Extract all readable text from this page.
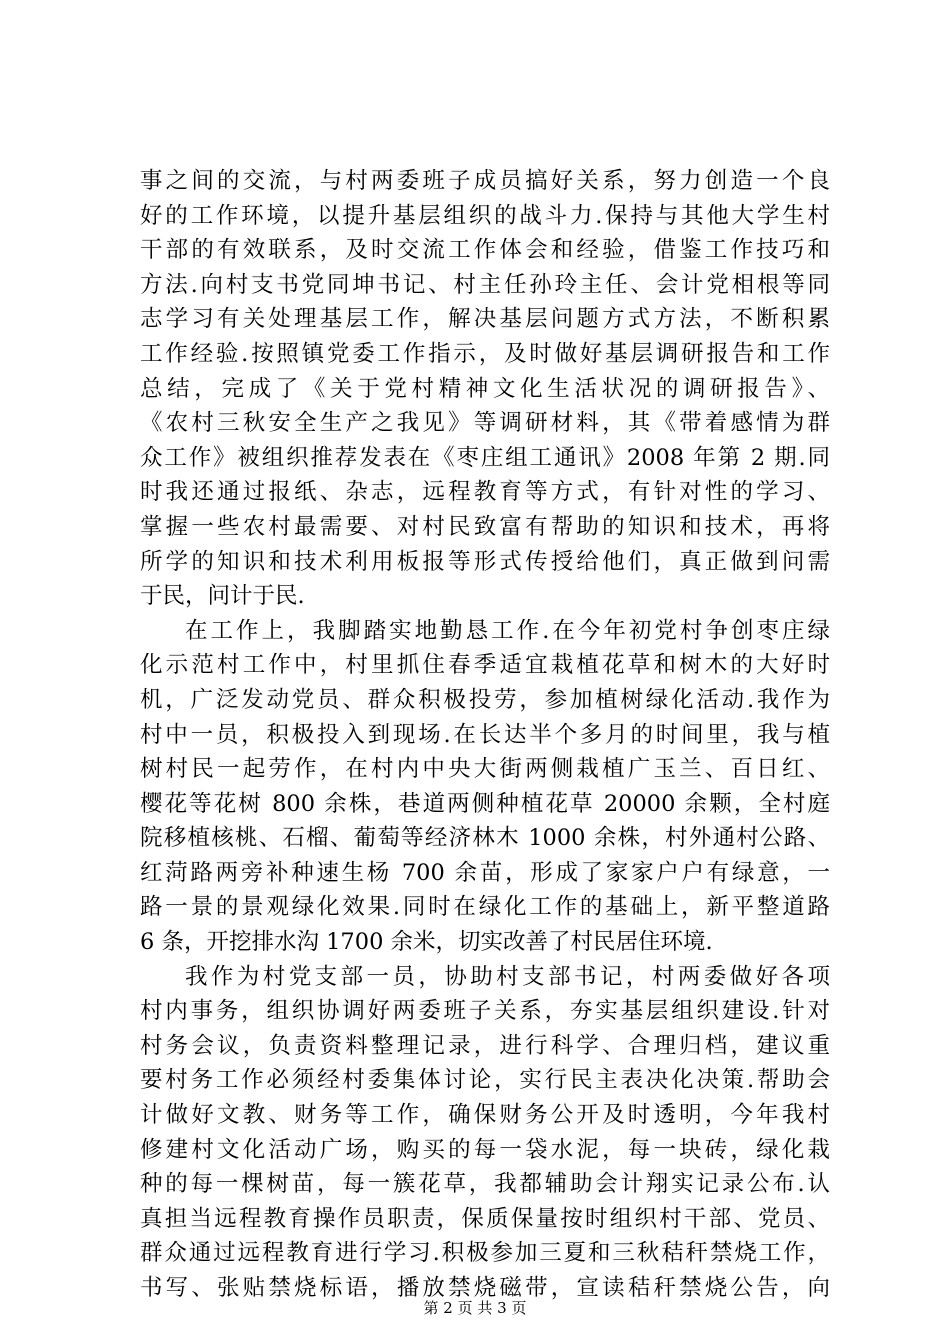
事之间的交流，与村两委班子成员搞好关系，努力创造一个良
好的工作环境，以提升基层组织的战斗力.保持与其他大学生村
干部的有效联系，及时交流工作体会和经验，借鉴工作技巧和
方法.向村支书党同坤书记、村主任孙玲主任、会计党相根等同
志学习有关处理基层工作，解决基层问题方式方法，不断积累
工作经验.按照镇党委工作指示，及时做好基层调研报告和工作
总结，完成了《关于党村精神文化生活状况的调研报告》、
《农村三秋安全生产之我见》等调研材料，其《带着感情为群
众工作》被组织推荐发表在《枣庄组工通讯》2008 年第 2 期.同
时我还通过报纸、杂志，远程教育等方式，有针对性的学习、
掌握一些农村最需要、对村民致富有帮助的知识和技术，再将
所学的知识和技术利用板报等形式传授给他们，真正做到问需
于民，问计于民.
在工作上，我脚踏实地勤恳工作.在今年初党村争创枣庄绿
化示范村工作中，村里抓住春季适宜栽植花草和树木的大好时
机，广泛发动党员、群众积极投劳，参加植树绿化活动.我作为
村中一员，积极投入到现场.在长达半个多月的时间里，我与植
树村民一起劳作，在村内中央大街两侧栽植广玉兰、百日红、
樱花等花树 800 余株，巷道两侧种植花草 20000 余颗，全村庭
院移植核桃、石榴、葡萄等经济林木 1000 余株，村外通村公路、
红菏路两旁补种速生杨 700 余苗，形成了家家户户有绿意，一
路一景的景观绿化效果.同时在绿化工作的基础上，新平整道路
6 条，开挖排水沟 1700 余米，切实改善了村民居住环境.
我作为村党支部一员，协助村支部书记，村两委做好各项
村内事务，组织协调好两委班子关系，夯实基层组织建设.针对
村务会议，负责资料整理记录，进行科学、合理归档，建议重
要村务工作必须经村委集体讨论，实行民主表决化决策.帮助会
计做好文教、财务等工作，确保财务公开及时透明，今年我村
修建村文化活动广场，购买的每一袋水泥，每一块砖，绿化栽
种的每一棵树苗，每一簇花草，我都辅助会计翔实记录公布.认
真担当远程教育操作员职责，保质保量按时组织村干部、党员、
群众通过远程教育进行学习.积极参加三夏和三秋秸秆禁烧工作，
书写、张贴禁烧标语，播放禁烧磁带，宣读秸秆禁烧公告，向
第 2 页 共 3 页
